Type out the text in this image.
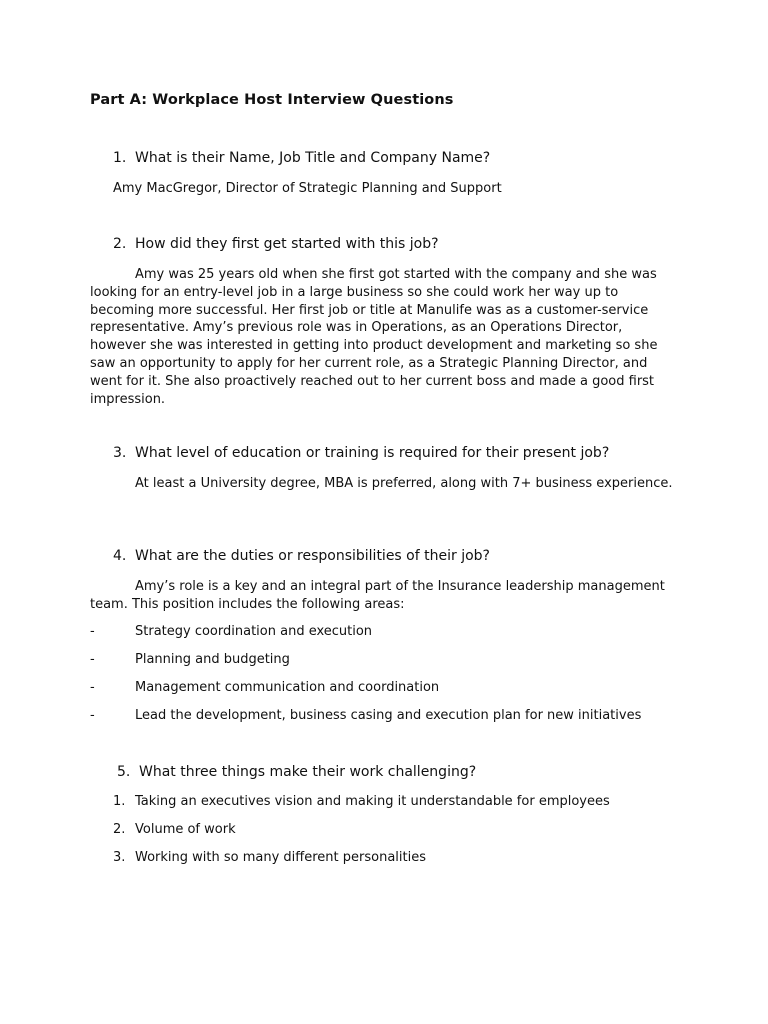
Part A: Workplace Host Interview Questions

1. What is their Name, Job Title and Company Name?

Amy MacGregor, Director of Strategic Planning and Support

2. How did they first get started with this job?

Amy was 25 years old when she first got started with the company and she was looking for an entry-level job in a large business so she could work her way up to becoming more successful. Her first job or title at Manulife was as a customer-service representative. Amy’s previous role was in Operations, as an Operations Director, however she was interested in getting into product development and marketing so she saw an opportunity to apply for her current role, as a Strategic Planning Director, and went for it. She also proactively reached out to her current boss and made a good first impression.

3. What level of education or training is required for their present job?

At least a University degree, MBA is preferred, along with 7+ business experience.

4. What are the duties or responsibilities of their job?

Amy’s role is a key and an integral part of the Insurance leadership management team. This position includes the following areas:

-	Strategy coordination and execution

-	Planning and budgeting

-	Management communication and coordination

-	Lead the development, business casing and execution plan for new initiatives

5. What three things make their work challenging?

1. Taking an executives vision and making it understandable for employees

2. Volume of work

3. Working with so many different personalities
